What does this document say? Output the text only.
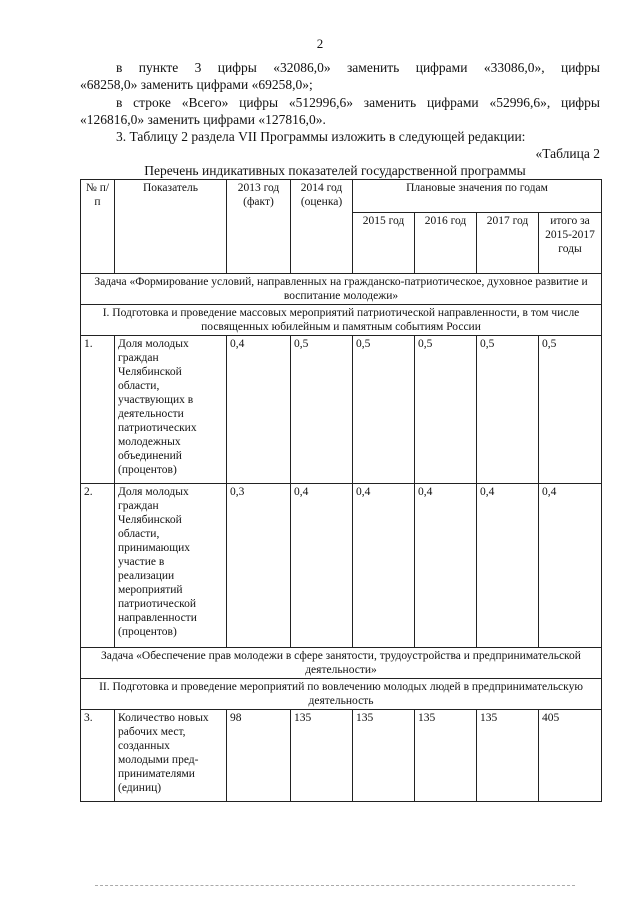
2
в пункте 3 цифры «32086,0» заменить цифрами «33086,0», цифры
«68258,0» заменить цифрами «69258,0»;
в строке «Всего» цифры «512996,6» заменить цифрами «52996,6», цифры
«126816,0» заменить цифрами «127816,0».
3. Таблицу 2 раздела VII Программы изложить в следующей редакции:
«Таблица 2
Перечень индикативных показателей государственной программы
№ п/п	Показатель	2013 год (факт)	2014 год (оценка)	Плановые значения по годам			
				2015 год	2016 год	2017 год	итого за 2015-2017 годы
Задача «Формирование условий, направленных на гражданско-патриотическое, духовное развитие и воспитание молодежи»							
I. Подготовка и проведение массовых мероприятий патриотической направленности, в том числе посвященных юбилейным и памятным событиям России							
1.	Доля молодых граждан Челябинской области, участвующих в деятельности патриотических молодежных объединений (процентов)	0,4	0,5	0,5	0,5	0,5	0,5
2.	Доля молодых граждан Челябинской области, принимающих участие в реализации мероприятий патриотической направленности (процентов)	0,3	0,4	0,4	0,4	0,4	0,4
Задача «Обеспечение прав молодежи в сфере занятости, трудоустройства и предпринимательской деятельности»							
II. Подготовка и проведение мероприятий по вовлечению молодых людей в предпринимательскую деятельность							
3.	Количество новых рабочих мест, созданных молодыми пред-принимателями (единиц)	98	135	135	135	135	405
